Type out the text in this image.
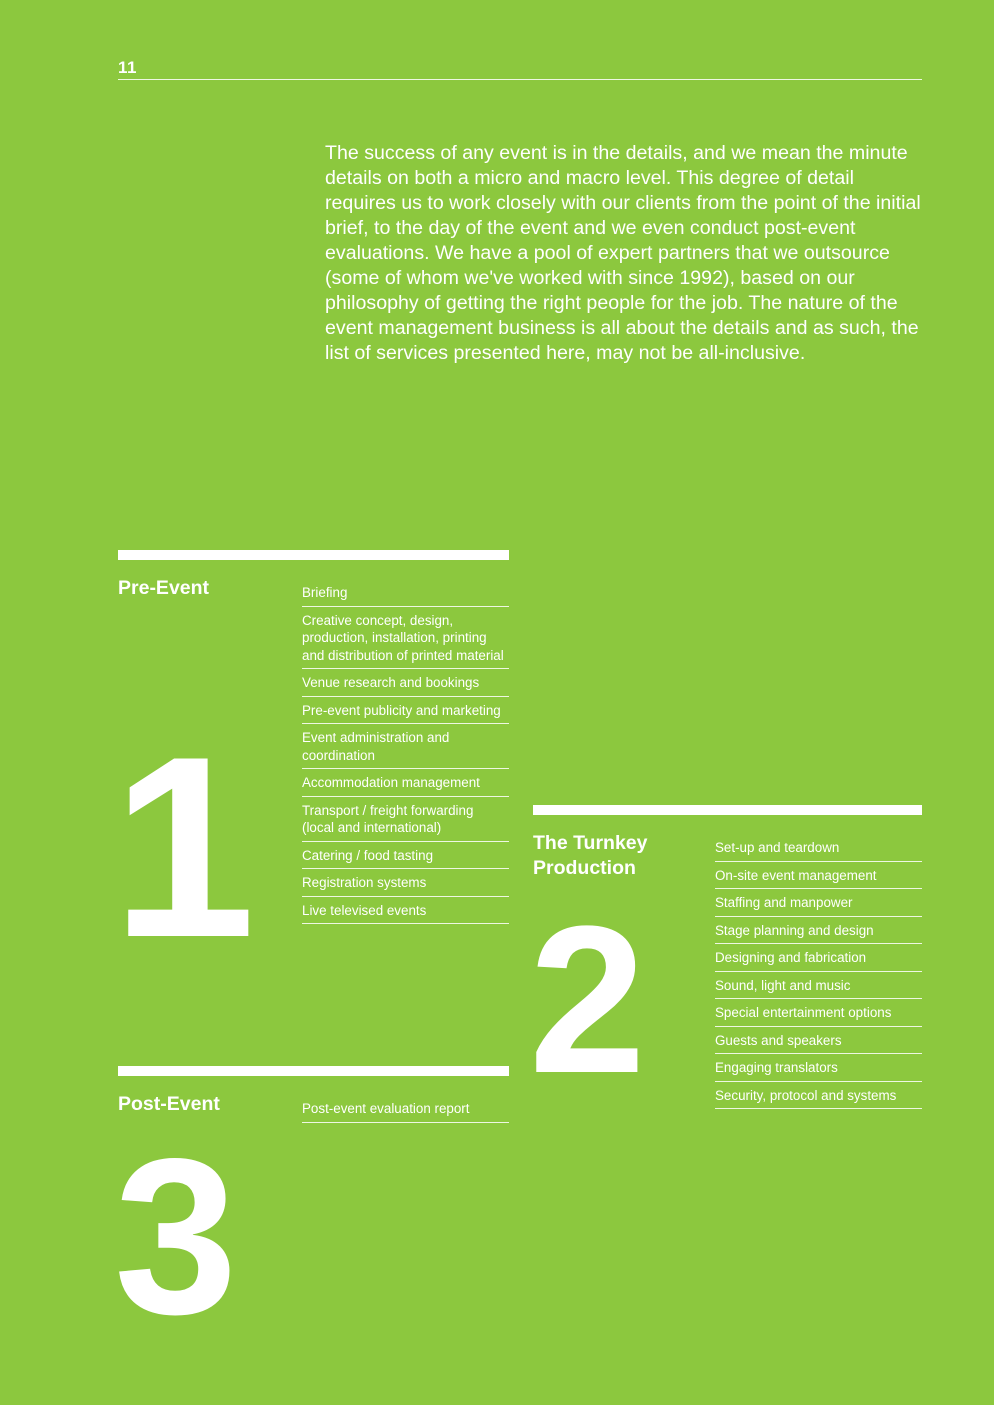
11

The success of any event is in the details, and we mean the minute details on both a micro and macro level. This degree of detail requires us to work closely with our clients from the point of the initial brief, to the day of the event and we even conduct post-event evaluations. We have a pool of expert partners that we outsource (some of whom we've worked with since 1992), based on our philosophy of getting the right people for the job. The nature of the event management business is all about the details and as such, the list of services presented here, may not be all-inclusive.

Pre-Event
1
Briefing
Creative concept, design, production, installation, printing and distribution of printed material
Venue research and bookings
Pre-event publicity and marketing
Event administration and coordination
Accommodation management
Transport / freight forwarding (local and international)
Catering / food tasting
Registration systems
Live televised events
The Turnkey Production
2
Set-up and teardown
On-site event management
Staffing and manpower
Stage planning and design
Designing and fabrication
Sound, light and music
Special entertainment options
Guests and speakers
Engaging translators
Security, protocol and systems
Post-Event
3
Post-event evaluation report
